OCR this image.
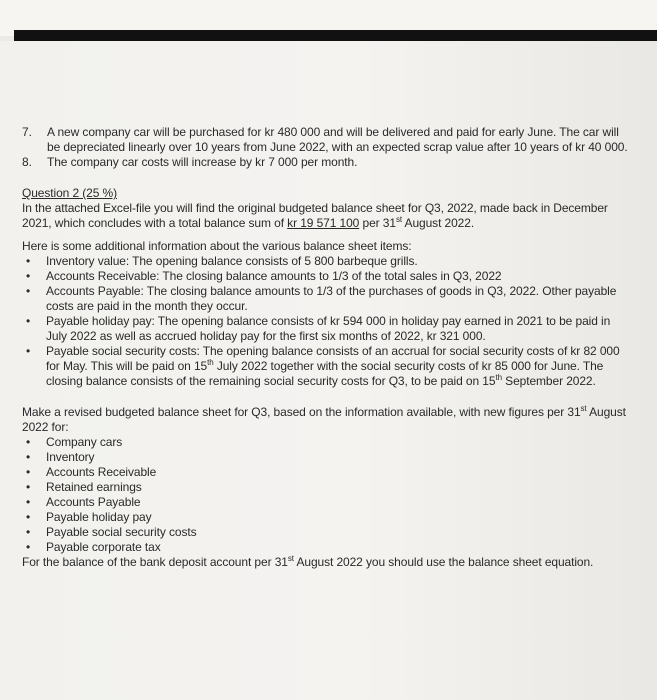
7.	A new company car will be purchased for kr 480 000 and will be delivered and paid for early June. The car will be depreciated linearly over 10 years from June 2022, with an expected scrap value after 10 years of kr 40 000.
8.	The company car costs will increase by kr 7 000 per month.
Question 2 (25 %)

In the attached Excel-file you will find the original budgeted balance sheet for Q3, 2022, made back in December 2021, which concludes with a total balance sum of kr 19 571 100 per 31st August 2022.

Here is some additional information about the various balance sheet items:

•	Inventory value: The opening balance consists of 5 800 barbeque grills.
•	Accounts Receivable: The closing balance amounts to 1/3 of the total sales in Q3, 2022
•	Accounts Payable: The closing balance amounts to 1/3 of the purchases of goods in Q3, 2022. Other payable costs are paid in the month they occur.
•	Payable holiday pay: The opening balance consists of kr 594 000 in holiday pay earned in 2021 to be paid in July 2022 as well as accrued holiday pay for the first six months of 2022, kr 321 000.
•	Payable social security costs: The opening balance consists of an accrual for social security costs of kr 82 000 for May. This will be paid on 15th July 2022 together with the social security costs of kr 85 000 for June. The closing balance consists of the remaining social security costs for Q3, to be paid on 15th September 2022.

Make a revised budgeted balance sheet for Q3, based on the information available, with new figures per 31st August 2022 for:

•	Company cars
•	Inventory
•	Accounts Receivable
•	Retained earnings
•	Accounts Payable
•	Payable holiday pay
•	Payable social security costs
•	Payable corporate tax

For the balance of the bank deposit account per 31st August 2022 you should use the balance sheet equation.
